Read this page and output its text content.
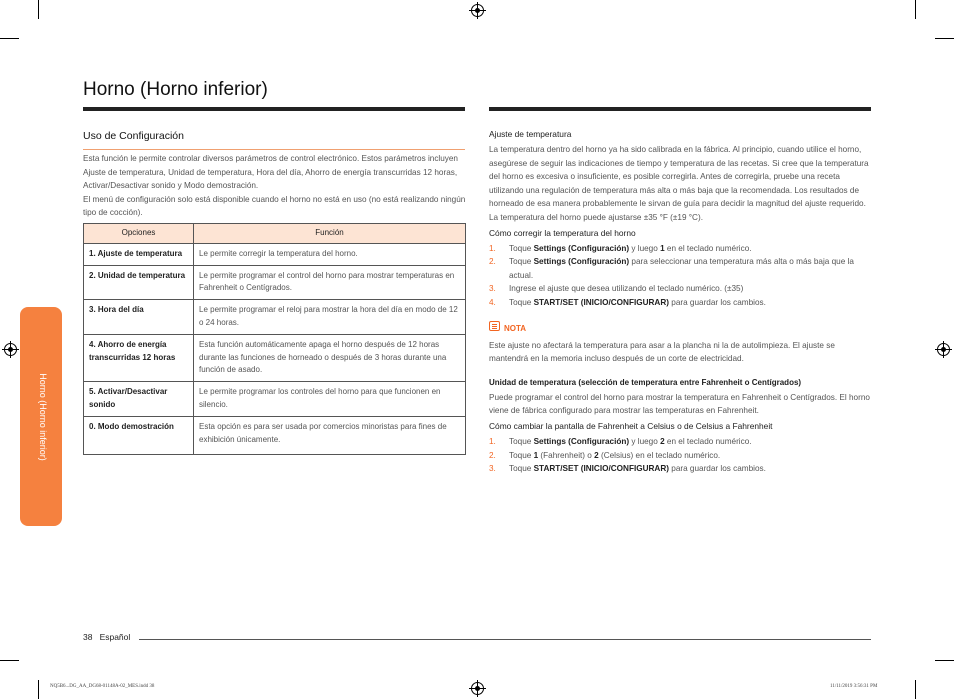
Horno (Horno inferior)
Horno (Horno inferior)
Uso de Configuración
Esta función le permite controlar diversos parámetros de control electrónico. Estos parámetros incluyen Ajuste de temperatura, Unidad de temperatura, Hora del día, Ahorro de energía transcurridas 12 horas, Activar/Desactivar sonido y Modo demostración.
El menú de configuración solo está disponible cuando el horno no está en uso (no está realizando ningún tipo de cocción).
Opciones	Función
1. Ajuste de temperatura	Le permite corregir la temperatura del horno.
2. Unidad de temperatura	Le permite programar el control del horno para mostrar temperaturas en Fahrenheit o Centígrados.
3. Hora del día	Le permite programar el reloj para mostrar la hora del día en modo de 12 o 24 horas.
4. Ahorro de energía transcurridas 12 horas	Esta función automáticamente apaga el horno después de 12 horas durante las funciones de horneado o después de 3 horas durante una función de asado.
5. Activar/Desactivar sonido	Le permite programar los controles del horno para que funcionen en silencio.
0. Modo demostración	Esta opción es para ser usada por comercios minoristas para fines de exhibición únicamente.
Ajuste de temperatura
La temperatura dentro del horno ya ha sido calibrada en la fábrica. Al principio, cuando utilice el horno, asegúrese de seguir las indicaciones de tiempo y temperatura de las recetas. Si cree que la temperatura del horno es excesiva o insuficiente, es posible corregirla. Antes de corregirla, pruebe una receta utilizando una regulación de temperatura más alta o más baja que la recomendada. Los resultados de horneado de esa manera probablemente le sirvan de guía para decidir la magnitud del ajuste requerido. La temperatura del horno puede ajustarse ±35 °F (±19 °C).
Cómo corregir la temperatura del horno
1. Toque Settings (Configuración) y luego 1 en el teclado numérico.
2. Toque Settings (Configuración) para seleccionar una temperatura más alta o más baja que la actual.
3. Ingrese el ajuste que desea utilizando el teclado numérico. (±35)
4. Toque START/SET (INICIO/CONFIGURAR) para guardar los cambios.
NOTA
Este ajuste no afectará la temperatura para asar a la plancha ni la de autolimpieza. El ajuste se mantendrá en la memoria incluso después de un corte de electricidad.
Unidad de temperatura (selección de temperatura entre Fahrenheit o Centígrados)
Puede programar el control del horno para mostrar la temperatura en Fahrenheit o Centígrados. El horno viene de fábrica configurado para mostrar las temperaturas en Fahrenheit.
Cómo cambiar la pantalla de Fahrenheit a Celsius o de Celsius a Fahrenheit
1. Toque Settings (Configuración) y luego 2 en el teclado numérico.
2. Toque 1 (Fahrenheit) o 2 (Celsius) en el teclado numérico.
3. Toque START/SET (INICIO/CONFIGURAR) para guardar los cambios.
38 Español
NQ5B6...DG_AA_DG68-01148A-02_MES.indd 38	11/11/2019 3:56:31 PM
